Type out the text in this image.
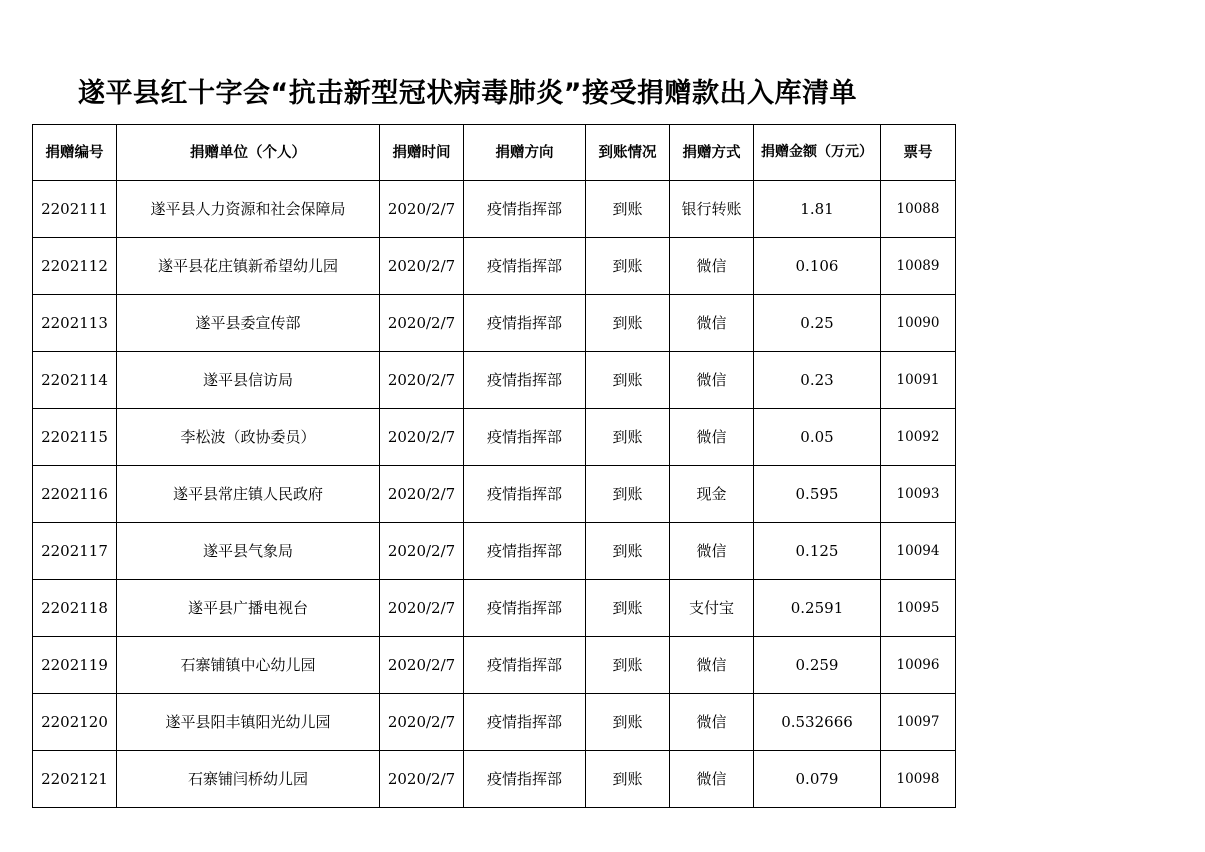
遂平县红十字会“抗击新型冠状病毒肺炎”接受捐赠款出入库清单
捐赠编号	捐赠单位（个人）	捐赠时间	捐赠方向	到账情况	捐赠方式	捐赠金额（万元）	票号
2202111	遂平县人力资源和社会保障局	2020/2/7	疫情指挥部	到账	银行转账	1.81	10088
2202112	遂平县花庄镇新希望幼儿园	2020/2/7	疫情指挥部	到账	微信	0.106	10089
2202113	遂平县委宣传部	2020/2/7	疫情指挥部	到账	微信	0.25	10090
2202114	遂平县信访局	2020/2/7	疫情指挥部	到账	微信	0.23	10091
2202115	李松波（政协委员）	2020/2/7	疫情指挥部	到账	微信	0.05	10092
2202116	遂平县常庄镇人民政府	2020/2/7	疫情指挥部	到账	现金	0.595	10093
2202117	遂平县气象局	2020/2/7	疫情指挥部	到账	微信	0.125	10094
2202118	遂平县广播电视台	2020/2/7	疫情指挥部	到账	支付宝	0.2591	10095
2202119	石寨铺镇中心幼儿园	2020/2/7	疫情指挥部	到账	微信	0.259	10096
2202120	遂平县阳丰镇阳光幼儿园	2020/2/7	疫情指挥部	到账	微信	0.532666	10097
2202121	石寨铺闫桥幼儿园	2020/2/7	疫情指挥部	到账	微信	0.079	10098
